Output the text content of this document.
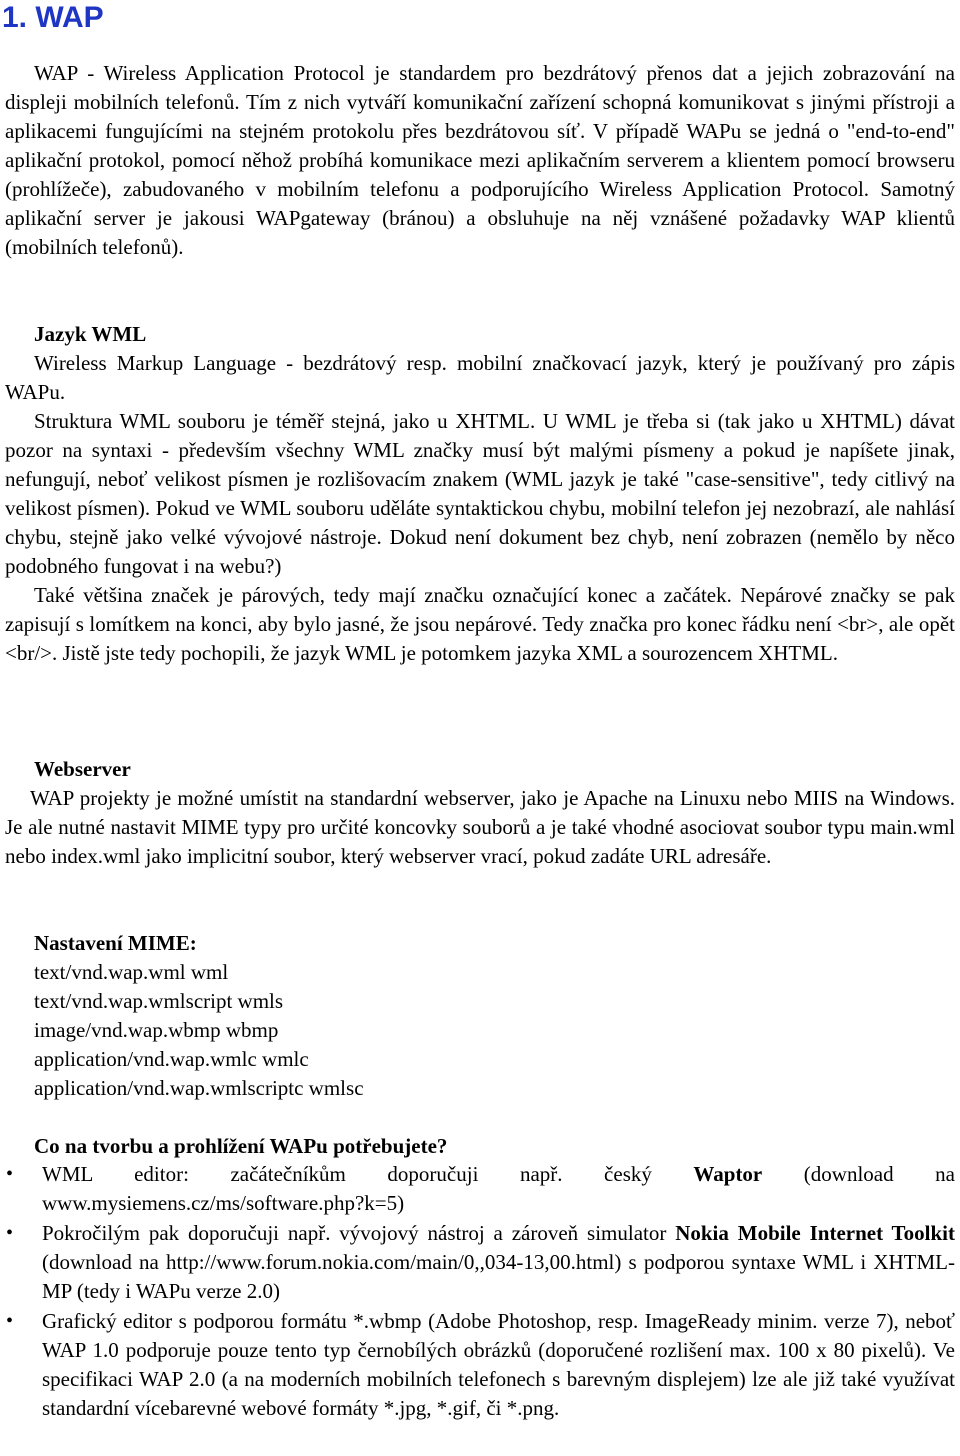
1. WAP

WAP - Wireless Application Protocol je standardem pro bezdrátový přenos dat a jejich zobrazování na displeji mobilních telefonů. Tím z nich vytváří komunikační zařízení schopná komunikovat s jinými přístroji a aplikacemi fungujícími na stejném protokolu přes bezdrátovou síť. V případě WAPu se jedná o "end-to-end" aplikační protokol, pomocí něhož probíhá komunikace mezi aplikačním serverem a klientem pomocí browseru (prohlížeče), zabudovaného v mobilním telefonu a podporujícího Wireless Application Protocol. Samotný aplikační server je jakousi WAPgateway (bránou) a obsluhuje na něj vznášené požadavky WAP klientů (mobilních telefonů).

Jazyk WML

Wireless Markup Language - bezdrátový resp. mobilní značkovací jazyk, který je používaný pro zápis WAPu.

Struktura WML souboru je téměř stejná, jako u XHTML. U WML je třeba si (tak jako u XHTML) dávat pozor na syntaxi - především všechny WML značky musí být malými písmeny a pokud je napíšete jinak, nefungují, neboť velikost písmen je rozlišovacím znakem (WML jazyk je také "case-sensitive", tedy citlivý na velikost písmen). Pokud ve WML souboru uděláte syntaktickou chybu, mobilní telefon jej nezobrazí, ale nahlásí chybu, stejně jako velké vývojové nástroje. Dokud není dokument bez chyb, není zobrazen (nemělo by něco podobného fungovat i na webu?)

Také většina značek je párových, tedy mají značku označující konec a začátek. Nepárové značky se pak zapisují s lomítkem na konci, aby bylo jasné, že jsou nepárové. Tedy značka pro konec řádku není <br>, ale opět <br/>. Jistě jste tedy pochopili, že jazyk WML je potomkem jazyka XML a sourozencem XHTML.

Webserver

WAP projekty je možné umístit na standardní webserver, jako je Apache na Linuxu nebo MIIS na Windows. Je ale nutné nastavit MIME typy pro určité koncovky souborů a je také vhodné asociovat soubor typu main.wml nebo index.wml jako implicitní soubor, který webserver vrací, pokud zadáte URL adresáře.

Nastavení MIME:
text/vnd.wap.wml wml
text/vnd.wap.wmlscript wmls
image/vnd.wap.wbmp wbmp
application/vnd.wap.wmlc wmlc
application/vnd.wap.wmlscriptc wmlsc
Co na tvorbu a prohlížení WAPu potřebujete?
•	WML editor: začátečníkům doporučuji např. český Waptor (download na www.mysiemens.cz/ms/software.php?k=5)
•	Pokročilým pak doporučuji např. vývojový nástroj a zároveň simulator Nokia Mobile Internet Toolkit (download na http://www.forum.nokia.com/main/0,,034-13,00.html) s podporou syntaxe WML i XHTML-MP (tedy i WAPu verze 2.0)
•	Grafický editor s podporou formátu *.wbmp (Adobe Photoshop, resp. ImageReady minim. verze 7), neboť WAP 1.0 podporuje pouze tento typ černobílých obrázků (doporučené rozlišení max. 100 x 80 pixelů). Ve specifikaci WAP 2.0 (a na moderních mobilních telefonech s barevným displejem) lze ale již také využívat standardní vícebarevné webové formáty *.jpg, *.gif, či *.png.
